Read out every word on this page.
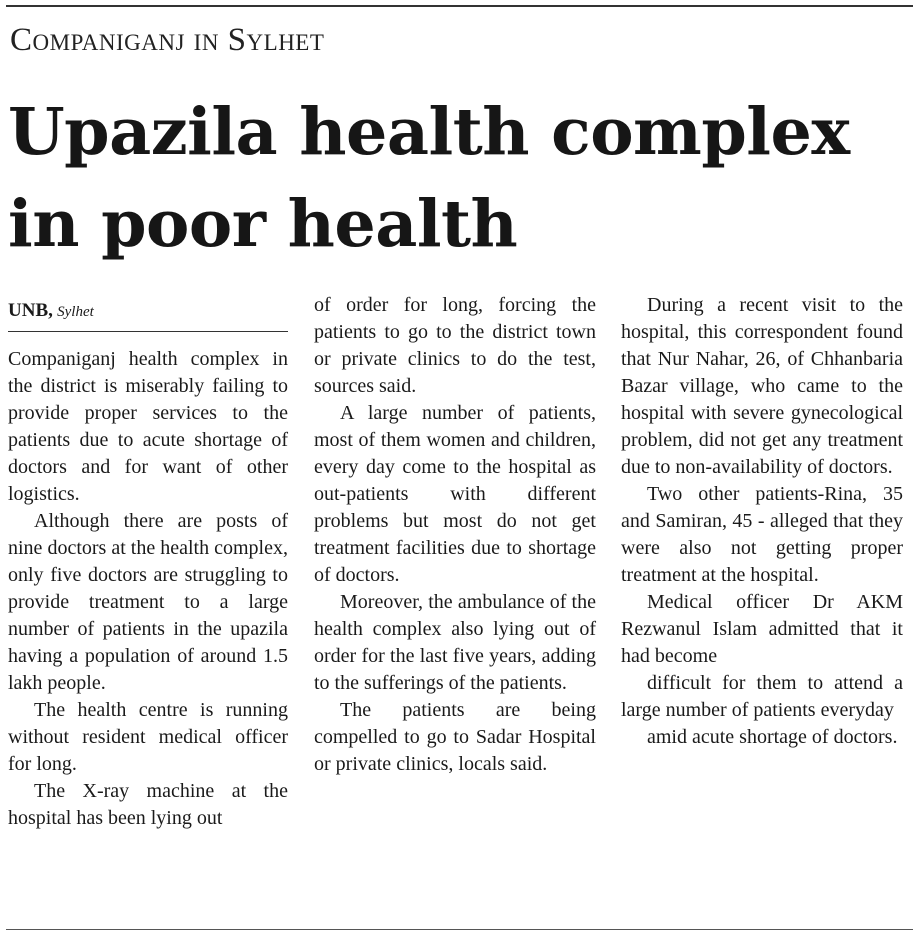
Companiganj in Sylhet
Upazila health complex
in poor health
UNB, Sylhet

Companiganj health complex in the district is miserably failing to provide proper services to the patients due to acute shortage of doctors and for want of other logistics.

Although there are posts of nine doctors at the health complex, only five doctors are struggling to provide treatment to a large number of patients in the upazila having a population of around 1.5 lakh people.

The health centre is running without resident medical officer for long.

The X-ray machine at the hospital has been lying out

of order for long, forcing the patients to go to the district town or private clinics to do the test, sources said.

A large number of patients, most of them women and children, every day come to the hospital as out-patients with different problems but most do not get treatment facilities due to shortage of doctors.

Moreover, the ambulance of the health complex also lying out of order for the last five years, adding to the sufferings of the patients.

The patients are being compelled to go to Sadar Hospital or private clinics, locals said.

During a recent visit to the hospital, this correspondent found that Nur Nahar, 26, of Chhanbaria Bazar village, who came to the hospital with severe gynecological problem, did not get any treatment due to non-availability of doctors.

Two other patients-Rina, 35 and Samiran, 45 - alleged that they were also not getting proper treatment at the hospital.

Medical officer Dr AKM Rezwanul Islam admitted that it had become

difficult for them to attend a large number of patients everyday

amid acute shortage of doctors.
